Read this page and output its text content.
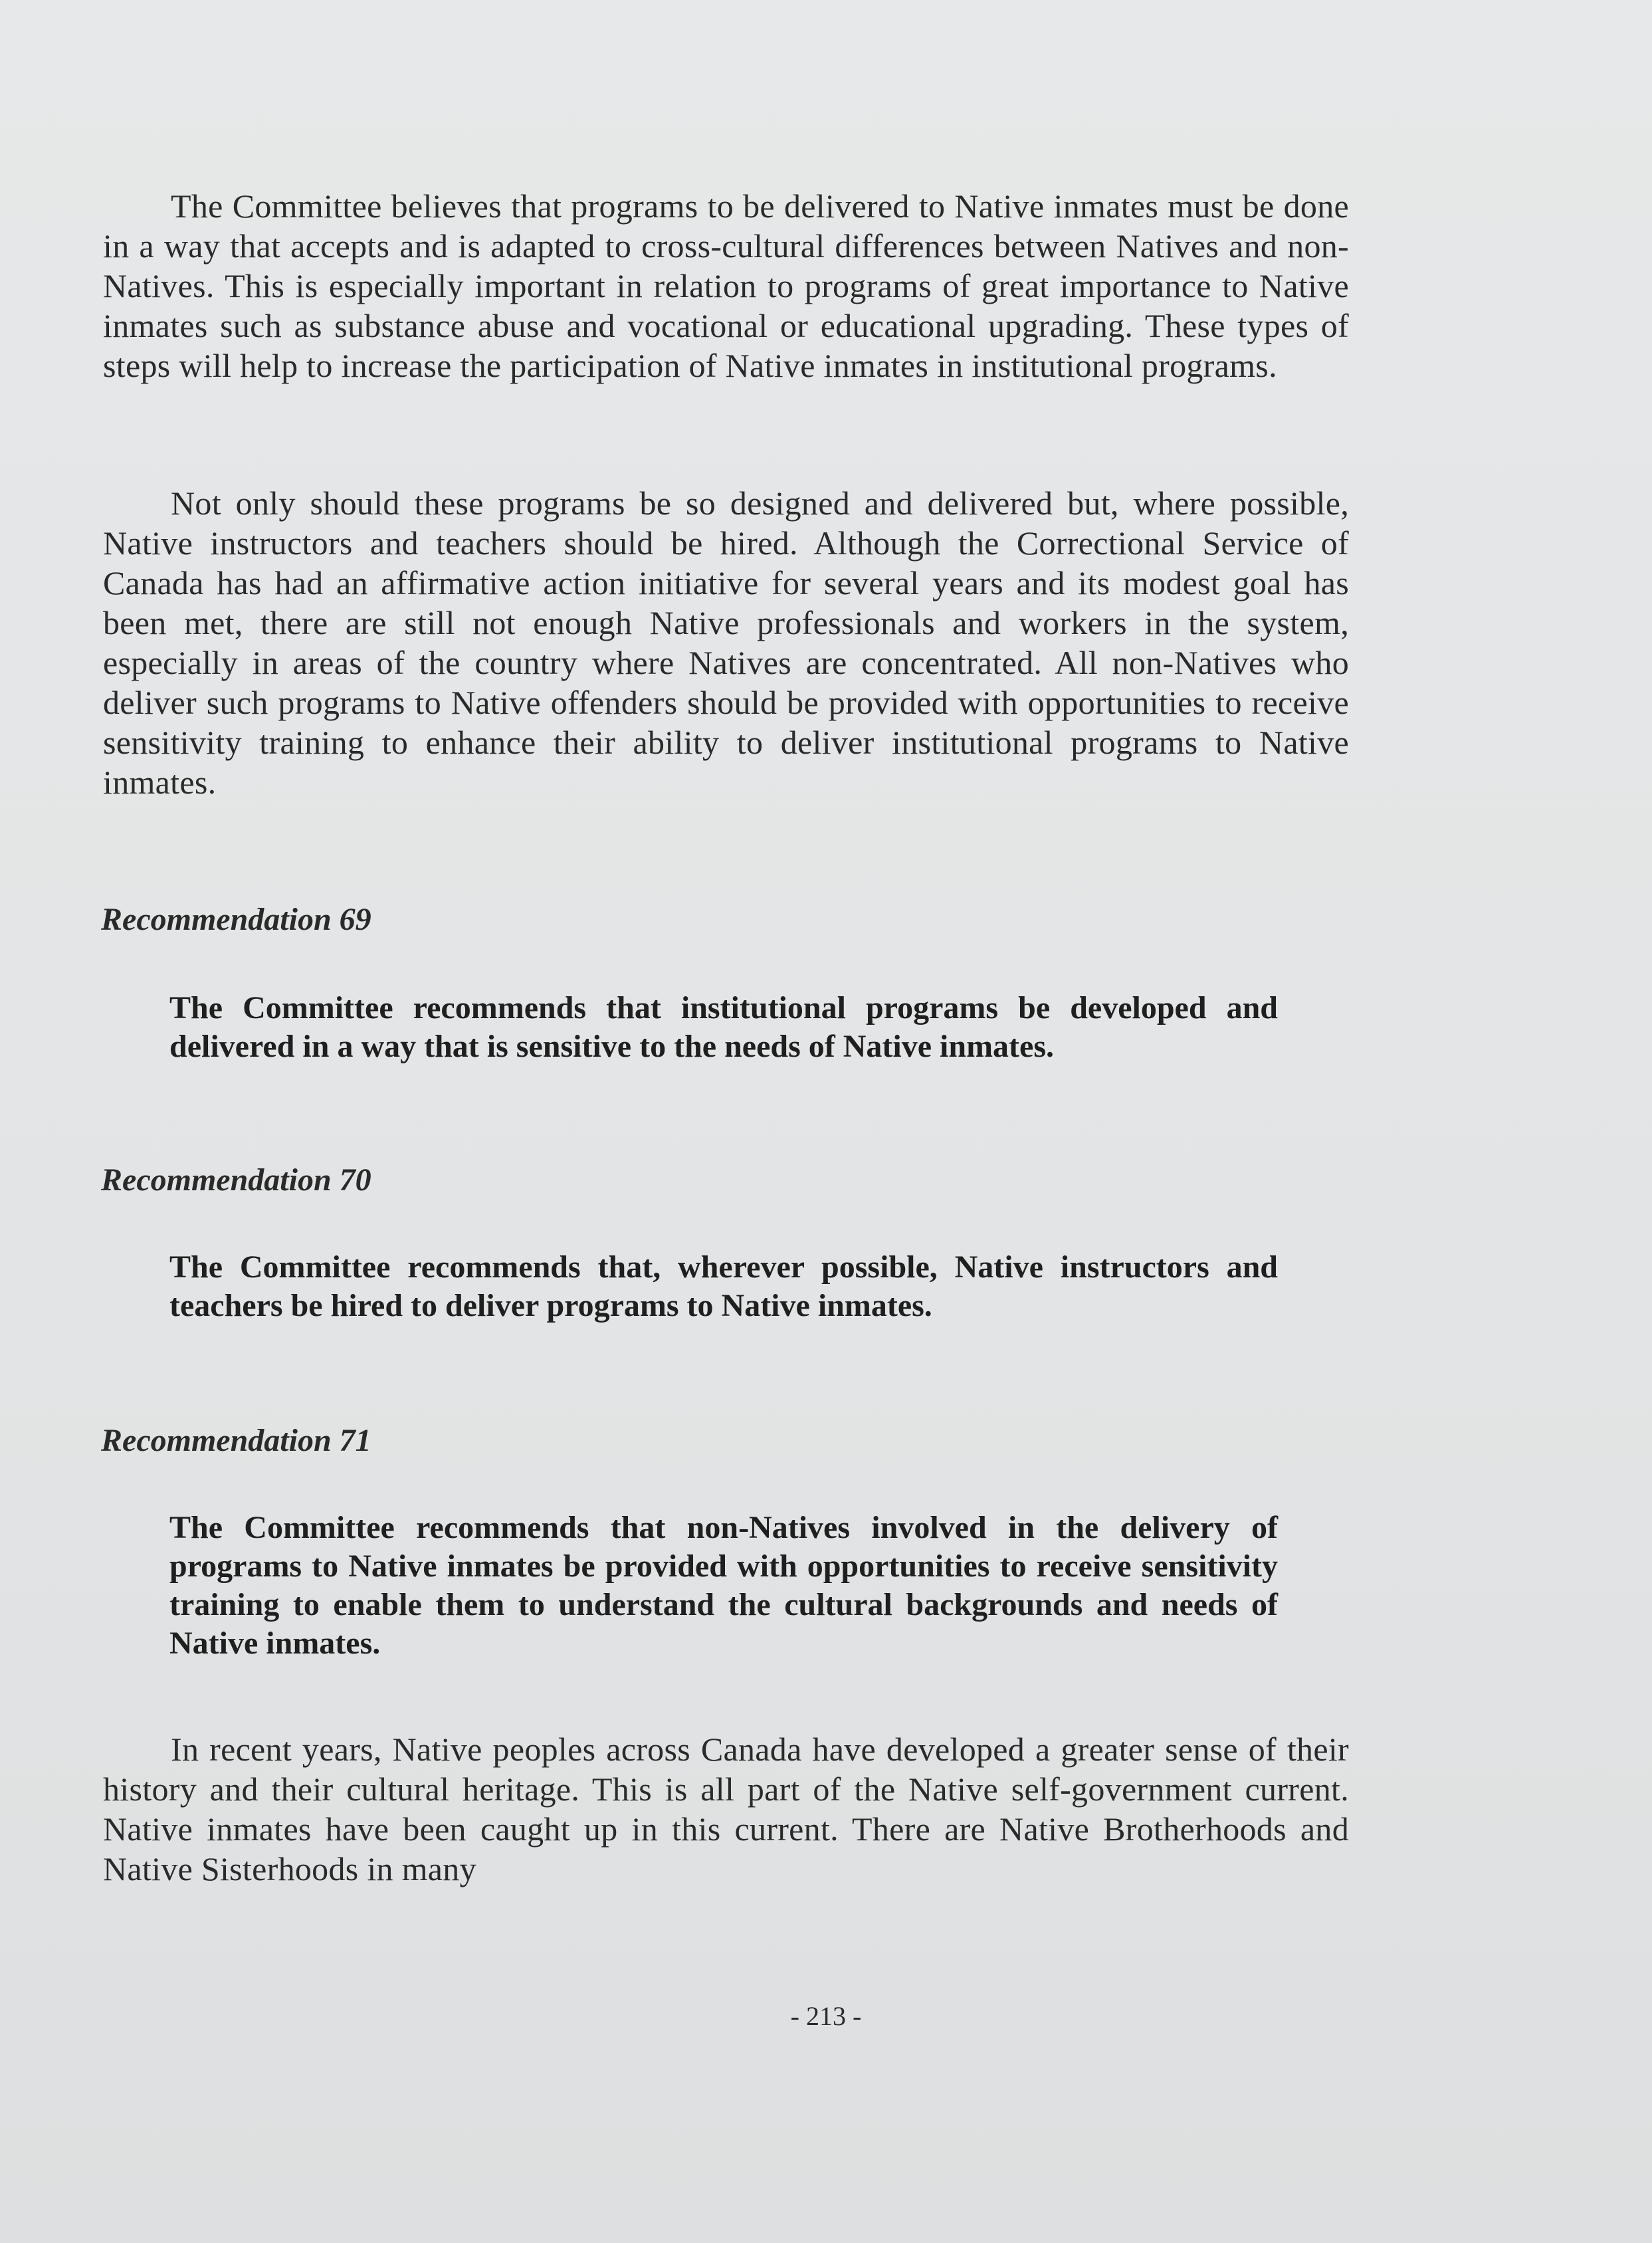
The Committee believes that programs to be delivered to Native inmates must be done in a way that accepts and is adapted to cross-cultural differences between Natives and non-Natives. This is especially important in relation to programs of great importance to Native inmates such as substance abuse and vocational or educational upgrading. These types of steps will help to increase the participation of Native inmates in institutional programs.

Not only should these programs be so designed and delivered but, where possible, Native instructors and teachers should be hired. Although the Correctional Service of Canada has had an affirmative action initiative for several years and its modest goal has been met, there are still not enough Native professionals and workers in the system, especially in areas of the country where Natives are concentrated. All non-Natives who deliver such programs to Native offenders should be provided with opportunities to receive sensitivity training to enhance their ability to deliver institutional programs to Native inmates.

Recommendation 69

The Committee recommends that institutional programs be developed and delivered in a way that is sensitive to the needs of Native inmates.

Recommendation 70

The Committee recommends that, wherever possible, Native instructors and teachers be hired to deliver programs to Native inmates.

Recommendation 71

The Committee recommends that non-Natives involved in the delivery of programs to Native inmates be provided with opportunities to receive sensitivity training to enable them to understand the cultural backgrounds and needs of Native inmates.

In recent years, Native peoples across Canada have developed a greater sense of their history and their cultural heritage. This is all part of the Native self-government current. Native inmates have been caught up in this current. There are Native Brotherhoods and Native Sisterhoods in many

- 213 -
